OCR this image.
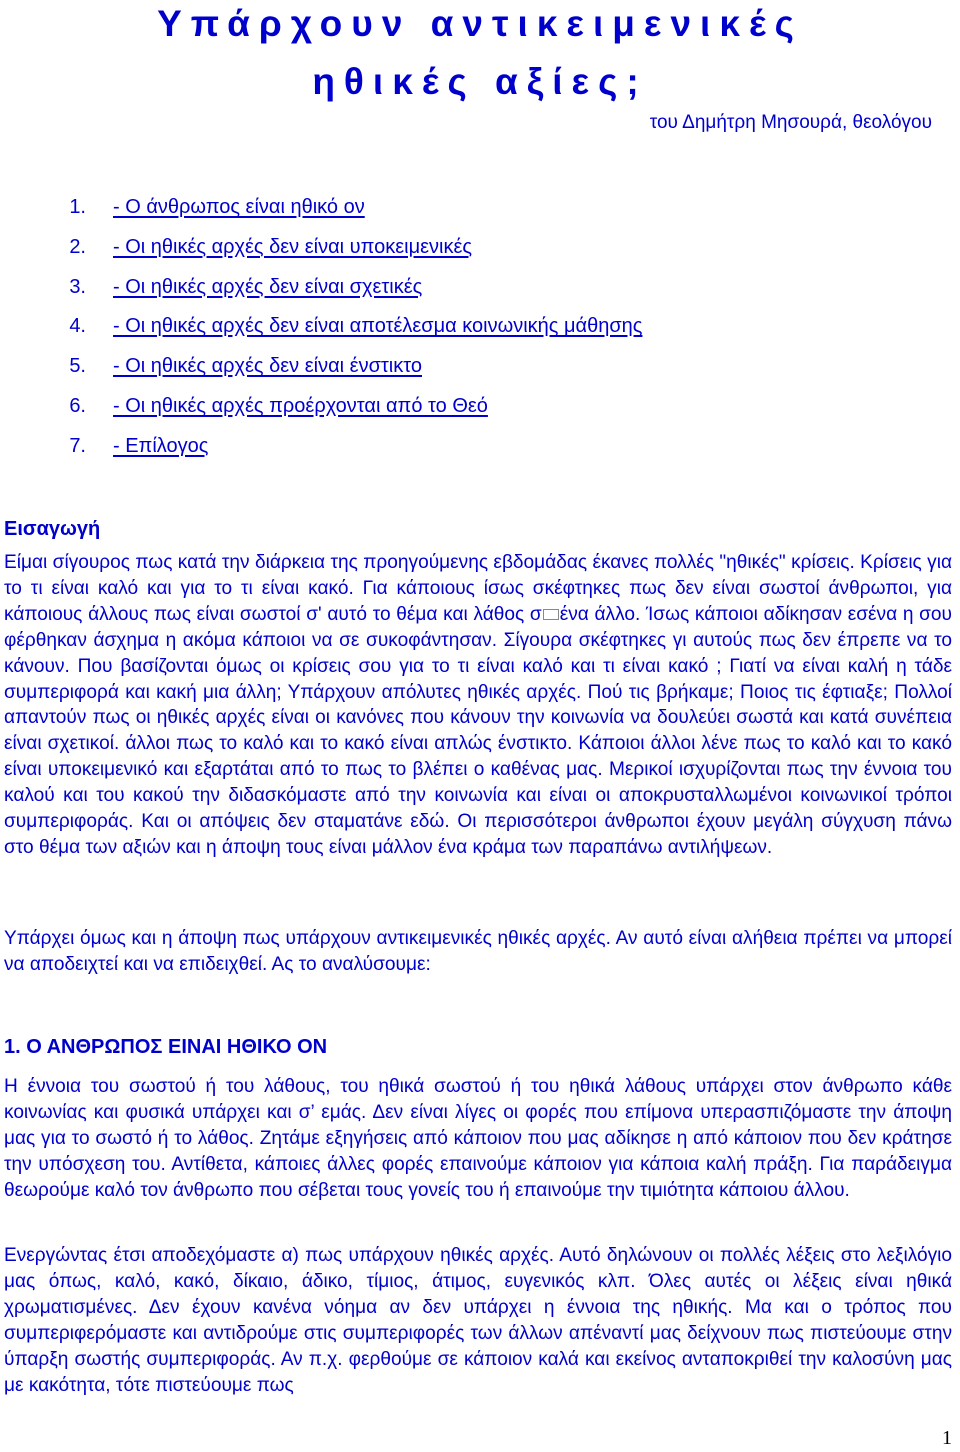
Υπάρχουν αντικειμενικές
ηθικές αξίες;
του Δημήτρη Μησουρά, θεολόγου
1. - Ο άνθρωπος είναι ηθικό ον
2. - Οι ηθικές αρχές δεν είναι υποκειμενικές
3. - Οι ηθικές αρχές δεν είναι σχετικές
4. - Οι ηθικές αρχές δεν είναι αποτέλεσμα κοινωνικής μάθησης
5. - Οι ηθικές αρχές δεν είναι ένστικτο
6. - Οι ηθικές αρχές προέρχονται από το Θεό
7. - Επίλογος
Εισαγωγή

Είμαι σίγουρος πως κατά την διάρκεια της προηγούμενης εβδομάδας έκανες πολλές "ηθικές" κρίσεις. Κρίσεις για το τι είναι καλό και για το τι είναι κακό. Για κάποιους ίσως σκέφτηκες πως δεν είναι σωστοί άνθρωποι, για κάποιους άλλους πως είναι σωστοί σ' αυτό το θέμα και λάθος σ ένα άλλο. Ίσως κάποιοι αδίκησαν εσένα η σου φέρθηκαν άσχημα η ακόμα κάποιοι να σε συκοφάντησαν. Σίγουρα σκέφτηκες γι αυτούς πως δεν έπρεπε να το κάνουν. Που βασίζονται όμως οι κρίσεις σου για το τι είναι καλό και τι είναι κακό ; Γιατί να είναι καλή η τάδε συμπεριφορά και κακή μια άλλη; Υπάρχουν απόλυτες ηθικές αρχές. Πού τις βρήκαμε; Ποιος τις έφτιαξε; Πολλοί απαντούν πως οι ηθικές αρχές είναι οι κανόνες που κάνουν την κοινωνία να δουλεύει σωστά και κατά συνέπεια είναι σχετικοί. άλλοι πως το καλό και το κακό είναι απλώς ένστικτο. Κάποιοι άλλοι λένε πως το καλό και το κακό είναι υποκειμενικό και εξαρτάται από το πως το βλέπει ο καθένας μας. Μερικοί ισχυρίζονται πως την έννοια του καλού και του κακού την διδασκόμαστε από την κοινωνία και είναι οι αποκρυσταλλωμένοι κοινωνικοί τρόποι συμπεριφοράς. Και οι απόψεις δεν σταματάνε εδώ. Οι περισσότεροι άνθρωποι έχουν μεγάλη σύγχυση πάνω στο θέμα των αξιών και η άποψη τους είναι μάλλον ένα κράμα των παραπάνω αντιλήψεων.

Υπάρχει όμως και η άποψη πως υπάρχουν αντικειμενικές ηθικές αρχές. Αν αυτό είναι αλήθεια πρέπει να μπορεί να αποδειχτεί και να επιδειχθεί. Ας το αναλύσουμε:

1. Ο ΑΝΘΡΩΠΟΣ ΕΙΝΑΙ ΗΘΙΚΟ ΟΝ

Η έννοια του σωστού ή του λάθους, του ηθικά σωστού ή του ηθικά λάθους υπάρχει στον άνθρωπο κάθε κοινωνίας και φυσικά υπάρχει και σ’ εμάς. Δεν είναι λίγες οι φορές που επίμονα υπερασπιζόμαστε την άποψη μας για το σωστό ή το λάθος. Ζητάμε εξηγήσεις από κάποιον που μας αδίκησε η από κάποιον που δεν κράτησε την υπόσχεση του. Αντίθετα, κάποιες άλλες φορές επαινούμε κάποιον για κάποια καλή πράξη. Για παράδειγμα θεωρούμε καλό τον άνθρωπο που σέβεται τους γονείς του ή επαινούμε την τιμιότητα κάποιου άλλου.

Ενεργώντας έτσι αποδεχόμαστε α) πως υπάρχουν ηθικές αρχές. Αυτό δηλώνουν οι πολλές λέξεις στο λεξιλόγιο μας όπως, καλό, κακό, δίκαιο, άδικο, τίμιος, άτιμος, ευγενικός κλπ. Όλες αυτές οι λέξεις είναι ηθικά χρωματισμένες. Δεν έχουν κανένα νόημα αν δεν υπάρχει η έννοια της ηθικής. Μα και ο τρόπος που συμπεριφερόμαστε και αντιδρούμε στις συμπεριφορές των άλλων απέναντί μας δείχνουν πως πιστεύουμε στην ύπαρξη σωστής συμπεριφοράς. Αν π.χ. φερθούμε σε κάποιον καλά και εκείνος ανταποκριθεί την καλοσύνη μας με κακότητα, τότε πιστεύουμε πως

1
